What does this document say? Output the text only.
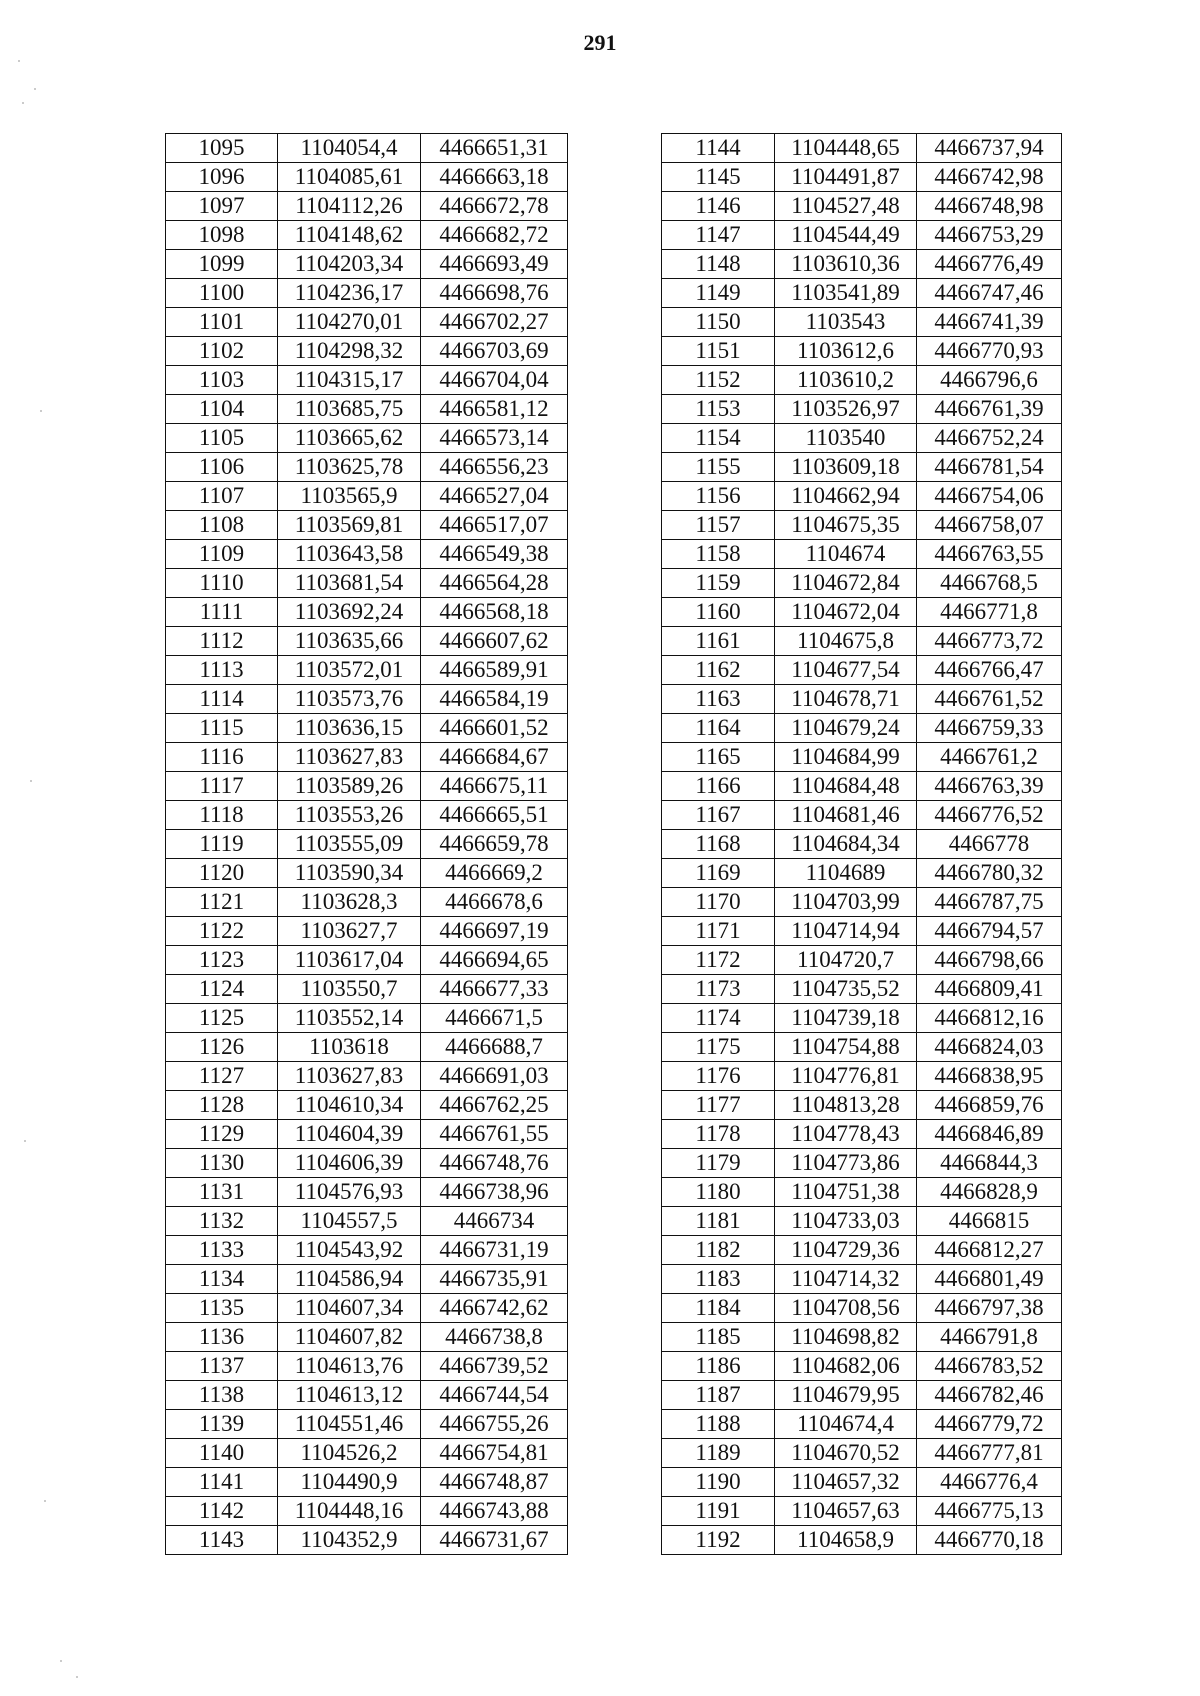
291
1095	1104054,4	4466651,31
1096	1104085,61	4466663,18
1097	1104112,26	4466672,78
1098	1104148,62	4466682,72
1099	1104203,34	4466693,49
1100	1104236,17	4466698,76
1101	1104270,01	4466702,27
1102	1104298,32	4466703,69
1103	1104315,17	4466704,04
1104	1103685,75	4466581,12
1105	1103665,62	4466573,14
1106	1103625,78	4466556,23
1107	1103565,9	4466527,04
1108	1103569,81	4466517,07
1109	1103643,58	4466549,38
1110	1103681,54	4466564,28
1111	1103692,24	4466568,18
1112	1103635,66	4466607,62
1113	1103572,01	4466589,91
1114	1103573,76	4466584,19
1115	1103636,15	4466601,52
1116	1103627,83	4466684,67
1117	1103589,26	4466675,11
1118	1103553,26	4466665,51
1119	1103555,09	4466659,78
1120	1103590,34	4466669,2
1121	1103628,3	4466678,6
1122	1103627,7	4466697,19
1123	1103617,04	4466694,65
1124	1103550,7	4466677,33
1125	1103552,14	4466671,5
1126	1103618	4466688,7
1127	1103627,83	4466691,03
1128	1104610,34	4466762,25
1129	1104604,39	4466761,55
1130	1104606,39	4466748,76
1131	1104576,93	4466738,96
1132	1104557,5	4466734
1133	1104543,92	4466731,19
1134	1104586,94	4466735,91
1135	1104607,34	4466742,62
1136	1104607,82	4466738,8
1137	1104613,76	4466739,52
1138	1104613,12	4466744,54
1139	1104551,46	4466755,26
1140	1104526,2	4466754,81
1141	1104490,9	4466748,87
1142	1104448,16	4466743,88
1143	1104352,9	4466731,67
1144	1104448,65	4466737,94
1145	1104491,87	4466742,98
1146	1104527,48	4466748,98
1147	1104544,49	4466753,29
1148	1103610,36	4466776,49
1149	1103541,89	4466747,46
1150	1103543	4466741,39
1151	1103612,6	4466770,93
1152	1103610,2	4466796,6
1153	1103526,97	4466761,39
1154	1103540	4466752,24
1155	1103609,18	4466781,54
1156	1104662,94	4466754,06
1157	1104675,35	4466758,07
1158	1104674	4466763,55
1159	1104672,84	4466768,5
1160	1104672,04	4466771,8
1161	1104675,8	4466773,72
1162	1104677,54	4466766,47
1163	1104678,71	4466761,52
1164	1104679,24	4466759,33
1165	1104684,99	4466761,2
1166	1104684,48	4466763,39
1167	1104681,46	4466776,52
1168	1104684,34	4466778
1169	1104689	4466780,32
1170	1104703,99	4466787,75
1171	1104714,94	4466794,57
1172	1104720,7	4466798,66
1173	1104735,52	4466809,41
1174	1104739,18	4466812,16
1175	1104754,88	4466824,03
1176	1104776,81	4466838,95
1177	1104813,28	4466859,76
1178	1104778,43	4466846,89
1179	1104773,86	4466844,3
1180	1104751,38	4466828,9
1181	1104733,03	4466815
1182	1104729,36	4466812,27
1183	1104714,32	4466801,49
1184	1104708,56	4466797,38
1185	1104698,82	4466791,8
1186	1104682,06	4466783,52
1187	1104679,95	4466782,46
1188	1104674,4	4466779,72
1189	1104670,52	4466777,81
1190	1104657,32	4466776,4
1191	1104657,63	4466775,13
1192	1104658,9	4466770,18
